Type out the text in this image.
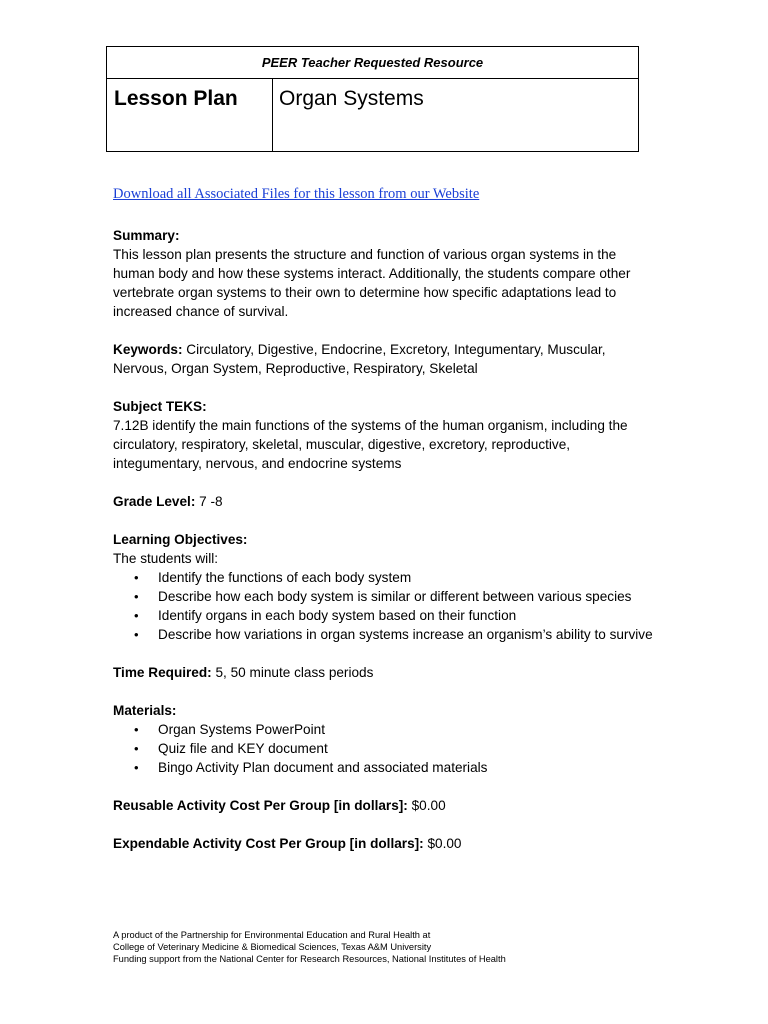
PEER Teacher Requested Resource
Lesson Plan	Organ Systems
Download all Associated Files for this lesson from our Website
Summary:
This lesson plan presents the structure and function of various organ systems in the human body and how these systems interact. Additionally, the students compare other vertebrate organ systems to their own to determine how specific adaptations lead to increased chance of survival.
Keywords: Circulatory, Digestive, Endocrine, Excretory, Integumentary, Muscular, Nervous, Organ System, Reproductive, Respiratory, Skeletal
Subject TEKS:
7.12B identify the main functions of the systems of the human organism, including the circulatory, respiratory, skeletal, muscular, digestive, excretory, reproductive, integumentary, nervous, and endocrine systems
Grade Level: 7 -8
Learning Objectives:
The students will:
• Identify the functions of each body system
• Describe how each body system is similar or different between various species
• Identify organs in each body system based on their function
• Describe how variations in organ systems increase an organism’s ability to survive
Time Required: 5, 50 minute class periods
Materials:
• Organ Systems PowerPoint
• Quiz file and KEY document
• Bingo Activity Plan document and associated materials
Reusable Activity Cost Per Group [in dollars]: $0.00
Expendable Activity Cost Per Group [in dollars]: $0.00
A product of the Partnership for Environmental Education and Rural Health at
College of Veterinary Medicine & Biomedical Sciences, Texas A&M University
Funding support from the National Center for Research Resources, National Institutes of Health
